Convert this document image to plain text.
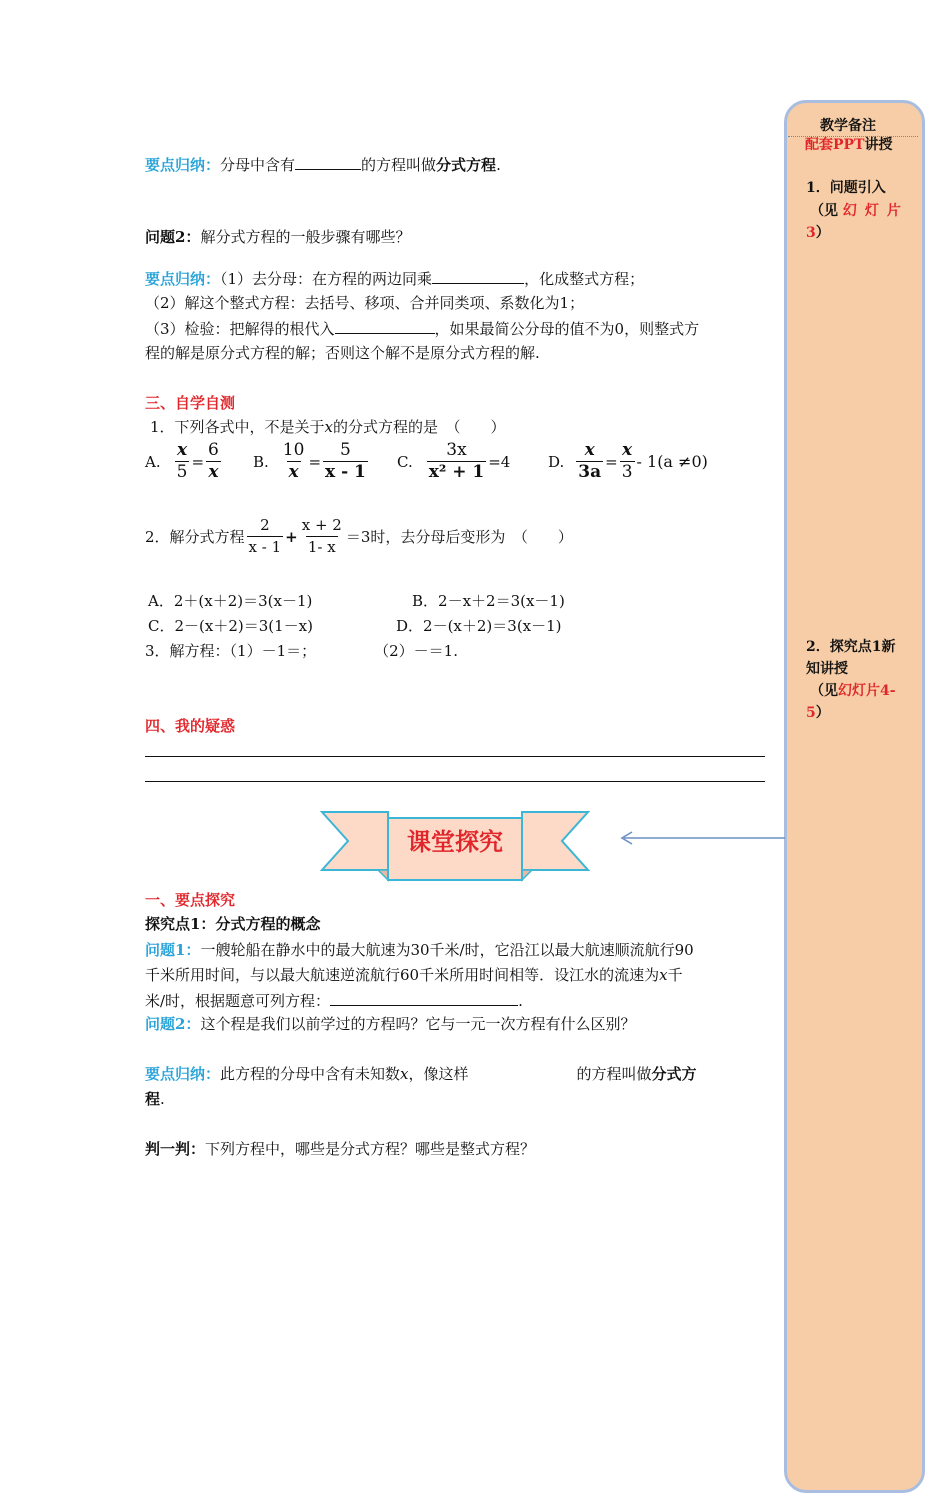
教学备注
配套PPT讲授
1．问题引入
（见 幻灯片
3）
2．探究点1新
知讲授
（见幻灯片4-
5）
要点归纳：分母中含有	的方程叫做分式方程.
问题2：解分式方程的一般步骤有哪些？
要点归纳：（1）去分母：在方程的两边同乘	，化成整式方程；
（2）解这个整式方程：去括号、移项、合并同类项、系数化为1；
（3）检验：把解得的根代入	，如果最简公分母的值不为0，则整式方
程的解是原分式方程的解；否则这个解不是原分式方程的解.
三、自学自测
1．下列各式中，不是关于x的分式方程的是　（　　）
A. $\frac{x}{5} = \frac{6}{x} B$. $\frac{10}{x} = \frac{5}{x - 1} C$. $\frac{3x}{\text{x² + 1}} =4$	D. $\frac{x}{3a} = \frac{x}{3} - 1(a \ne 0)$
2．解分式方程 $\frac{2}{x - 1} + \frac{x + 2}{1- x} =3$时，去分母后变形为　（　　）
A．2＋(x＋2)＝3(x－1)	B．2－x＋2＝3(x－1)
C．2－(x＋2)＝3(1－x)	D．2－(x＋2)＝3(x－1)
3．解方程：（1）－1＝；	（2）－＝1.
四、我的疑惑
课堂探究
一、要点探究
探究点1：分式方程的概念
问题1：一艘轮船在静水中的最大航速为30千米/时，它沿江以最大航速顺流航行90
千米所用时间，与以最大航速逆流航行60千米所用时间相等．设江水的流速为x千
米/时，根据题意可列方程：	.
问题2：这个程是我们以前学过的方程吗？它与一元一次方程有什么区别？
要点归纳：此方程的分母中含有未知数x，像这样	的方程叫做分式方
程.
判一判：下列方程中，哪些是分式方程？哪些是整式方程？
